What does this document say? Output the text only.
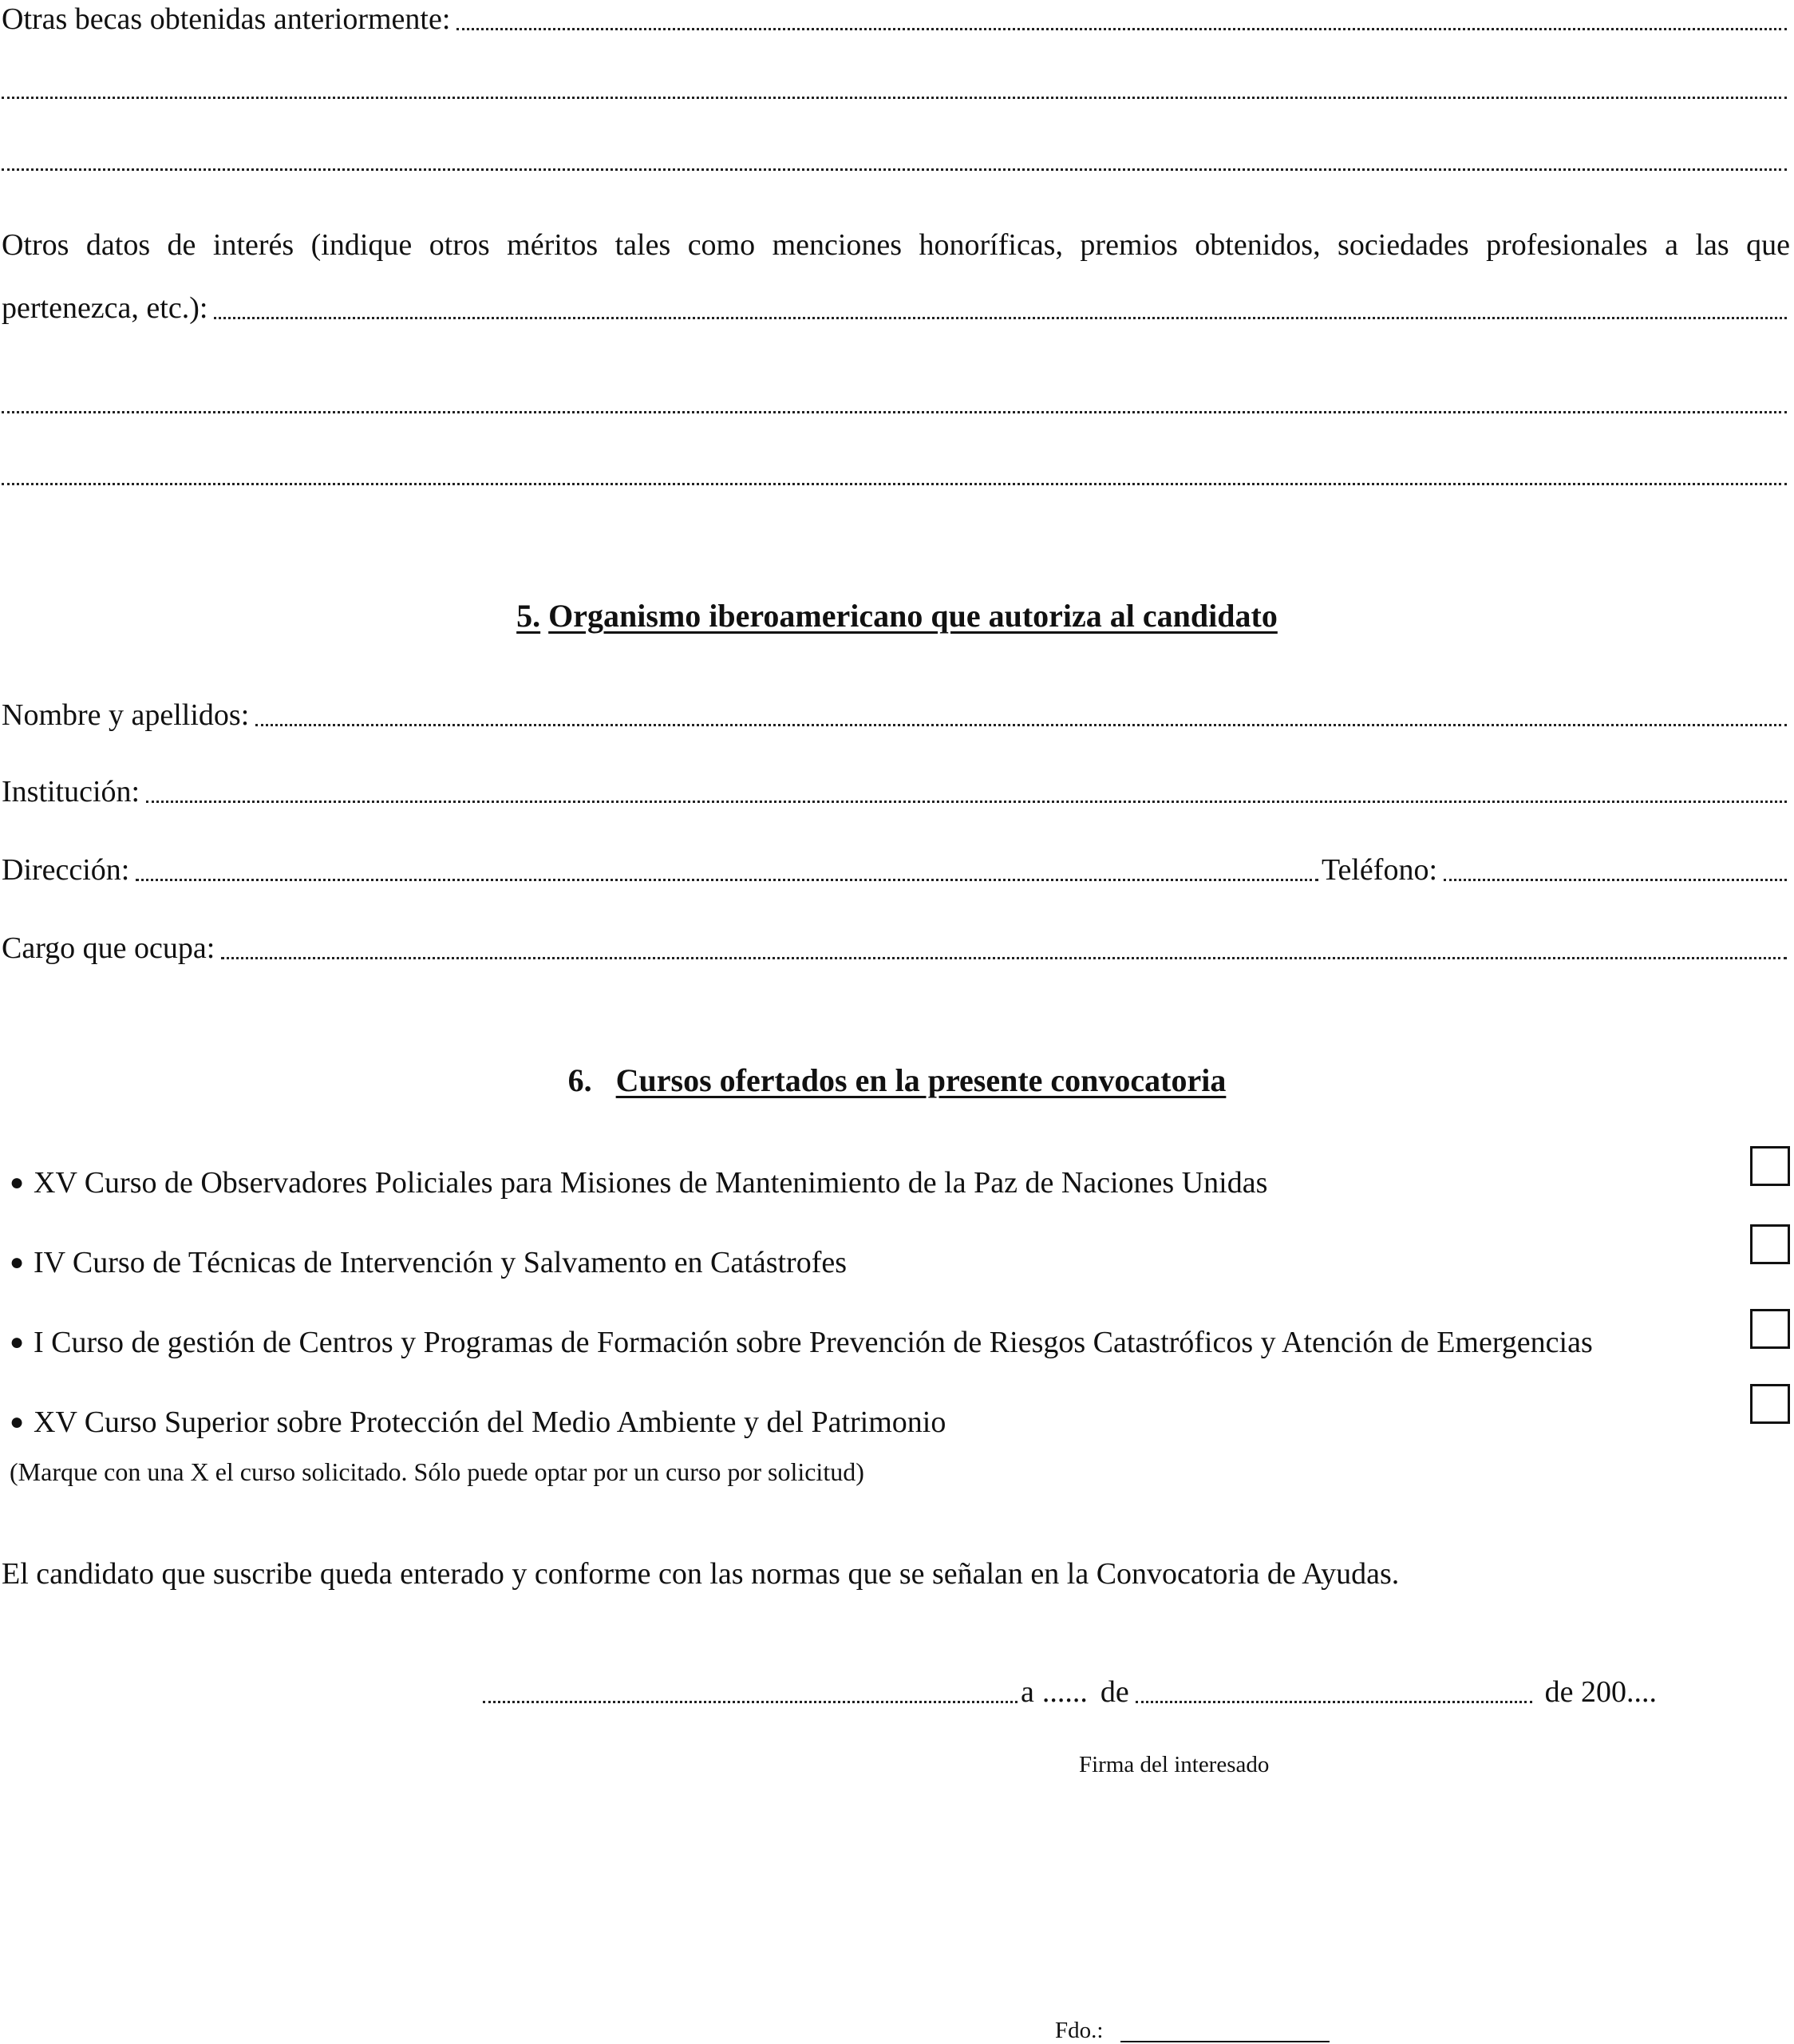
Otras becas obtenidas anteriormente:
Otros datos de interés (indique otros méritos tales como menciones honoríficas, premios obtenidos, sociedades profesionales a las que
pertenezca, etc.):
5. Organismo iberoamericano que autoriza al candidato
Nombre y apellidos:
Institución:
Dirección:	Teléfono:
Cargo que ocupa:
6. Cursos ofertados en la presente convocatoria
● XV Curso de Observadores Policiales para Misiones de Mantenimiento de la Paz de Naciones Unidas
● IV Curso de Técnicas de Intervención y Salvamento en Catástrofes
● I Curso de gestión de Centros y Programas de Formación sobre Prevención de Riesgos Catastróficos y Atención de Emergencias
● XV Curso Superior sobre Protección del Medio Ambiente y del Patrimonio
(Marque con una X el curso solicitado. Sólo puede optar por un curso por solicitud)
El candidato que suscribe queda enterado y conforme con las normas que se señalan en la Convocatoria de Ayudas.
a ...... de	de 200....
Firma del interesado
Fdo.:
